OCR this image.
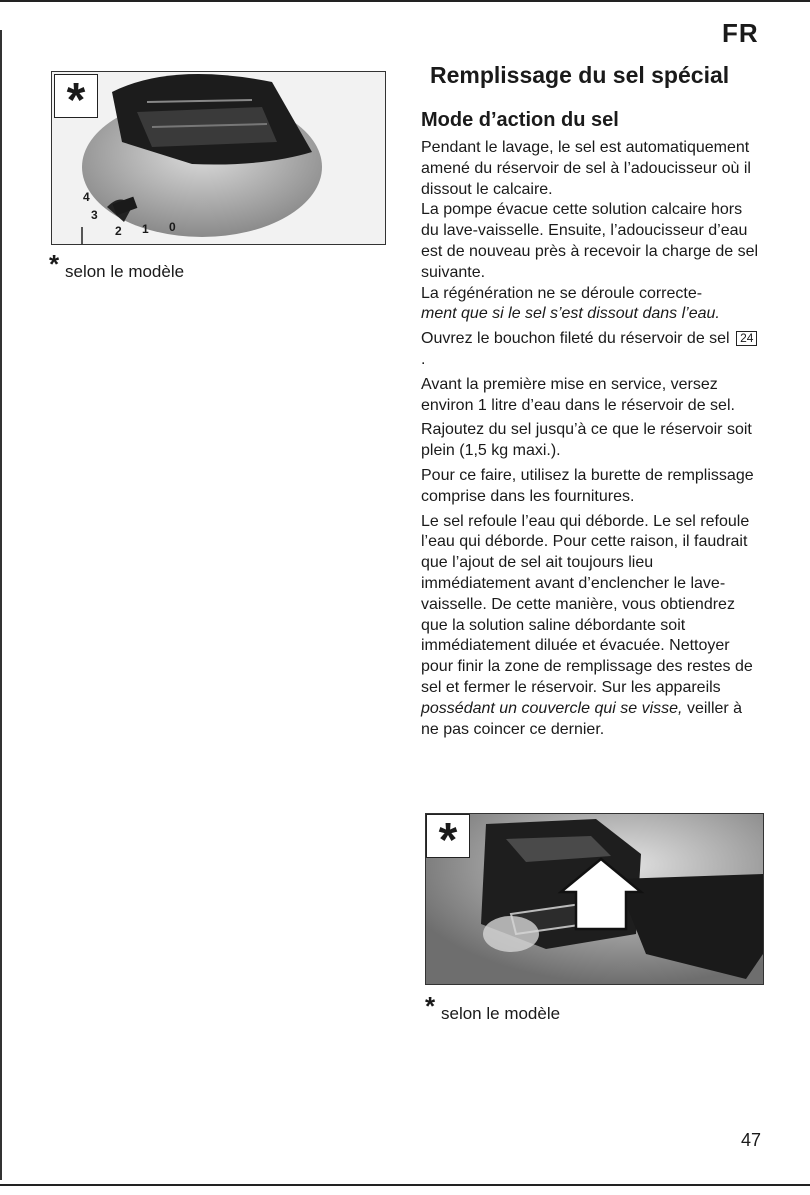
FR
*
4
3
2 1 0
* selon le modèle
Remplissage du sel spécial
Mode d’action du sel

Pendant le lavage, le sel est automatiquement amené du réservoir de sel à l’adoucisseur où il dissout le calcaire.

La pompe évacue cette solution calcaire hors du lave-vaisselle. Ensuite, l’adoucisseur d’eau est de nouveau près à recevoir la charge de sel suivante.

La régénération ne se déroule correcte-
ment que si le sel s’est dissout dans l’eau.

Ouvrez le bouchon fileté du réservoir de sel 24 .

Avant la première mise en service, versez environ 1 litre d’eau dans le réservoir de sel.

Rajoutez du sel jusqu’à ce que le réservoir soit plein (1,5 kg maxi.).

Pour ce faire, utilisez la burette de remplissage comprise dans les fournitures.

Le sel refoule l’eau qui déborde. Le sel refoule l’eau qui déborde. Pour cette raison, il faudrait que l’ajout de sel ait toujours lieu immédiatement avant d’enclencher le lave-vaisselle. De cette manière, vous obtiendrez que la solution saline débordante soit immédiatement diluée et évacuée. Nettoyer pour finir la zone de remplissage des restes de sel et fermer le réservoir. Sur les appareils possédant un couvercle qui se visse, veiller à ne pas coincer ce dernier.

*
* selon le modèle
47
